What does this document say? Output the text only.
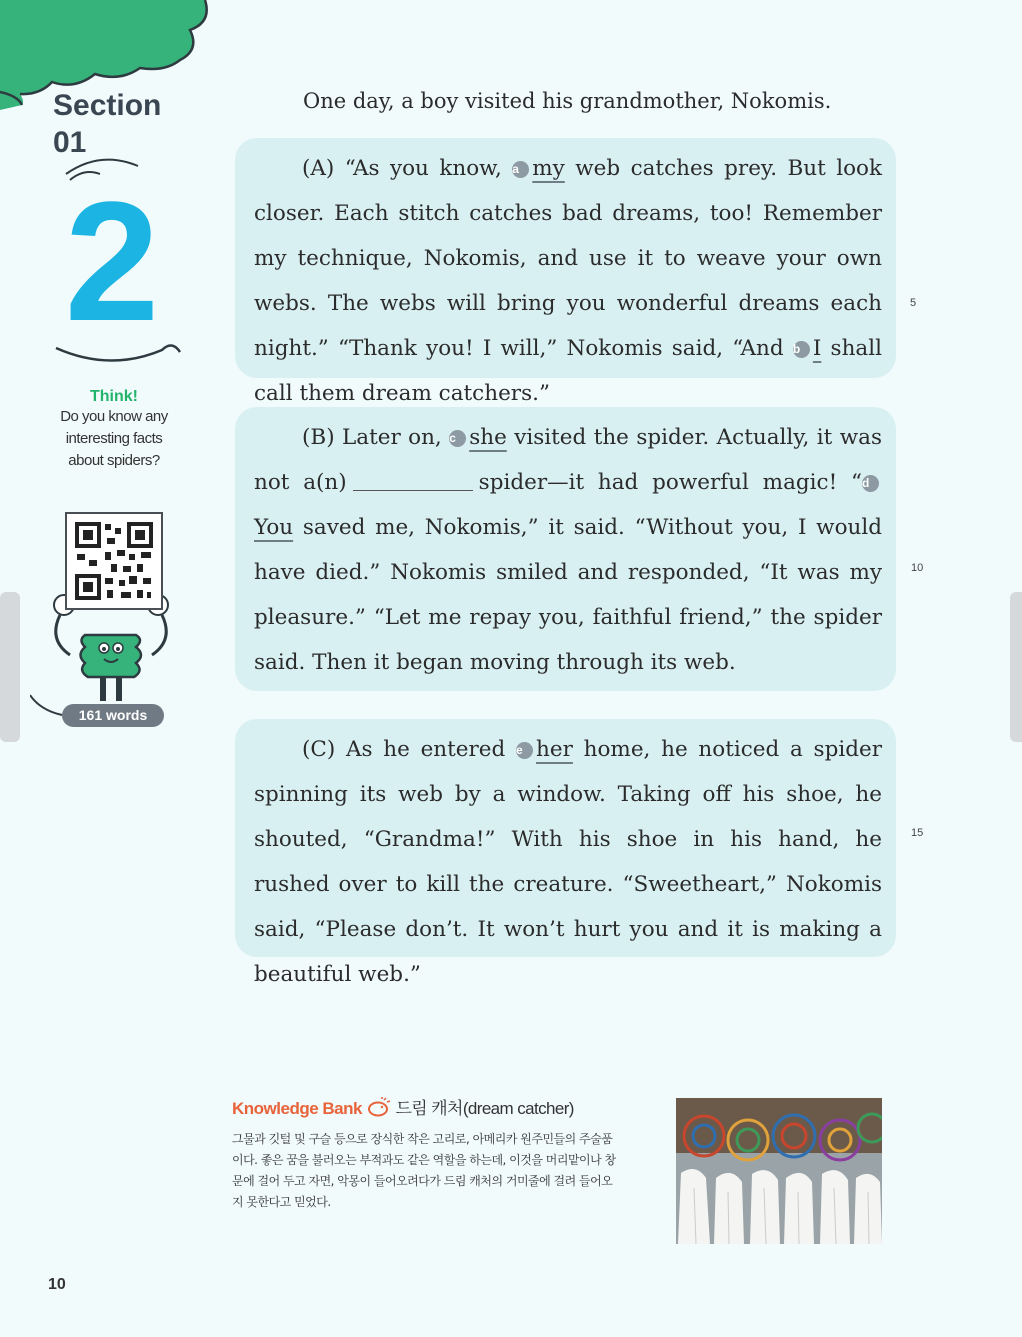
Section
01
2
Think!
Do you know any
interesting facts
about spiders?
161 words
One day, a boy visited his grandmother, Nokomis.

(A) “As you know, a my web catches prey. But look closer. Each stitch catches bad dreams, too! Remember my technique, Nokomis, and use it to weave your own webs. The webs will bring you wonderful dreams each night.” “Thank you! I will,” Nokomis said, “And b I shall call them dream catchers.”

(B) Later on, c she visited the spider. Actually, it was not a(n)	spider—it had powerful magic! “dYou saved me, Nokomis,” it said. “Without you, I would have died.” Nokomis smiled and responded, “It was my pleasure.” “Let me repay you, faithful friend,” the spider said. Then it began moving through its web.

(C) As he entered e her home, he noticed a spider spinning its web by a window. Taking off his shoe, he shouted, “Grandma!” With his shoe in his hand, he rushed over to kill the creature. “Sweetheart,” Nokomis said, “Please don’t. It won’t hurt you and it is making a beautiful web.”

5
10
15
Knowledge Bank 드림 캐처(dream catcher)
그물과 깃털 및 구슬 등으로 장식한 작은 고리로, 아메리카 원주민들의 주술품
이다. 좋은 꿈을 불러오는 부적과도 같은 역할을 하는데, 이것을 머리맡이나 창
문에 걸어 두고 자면, 악몽이 들어오려다가 드림 캐처의 거미줄에 걸려 들어오
지 못한다고 믿었다.
10
